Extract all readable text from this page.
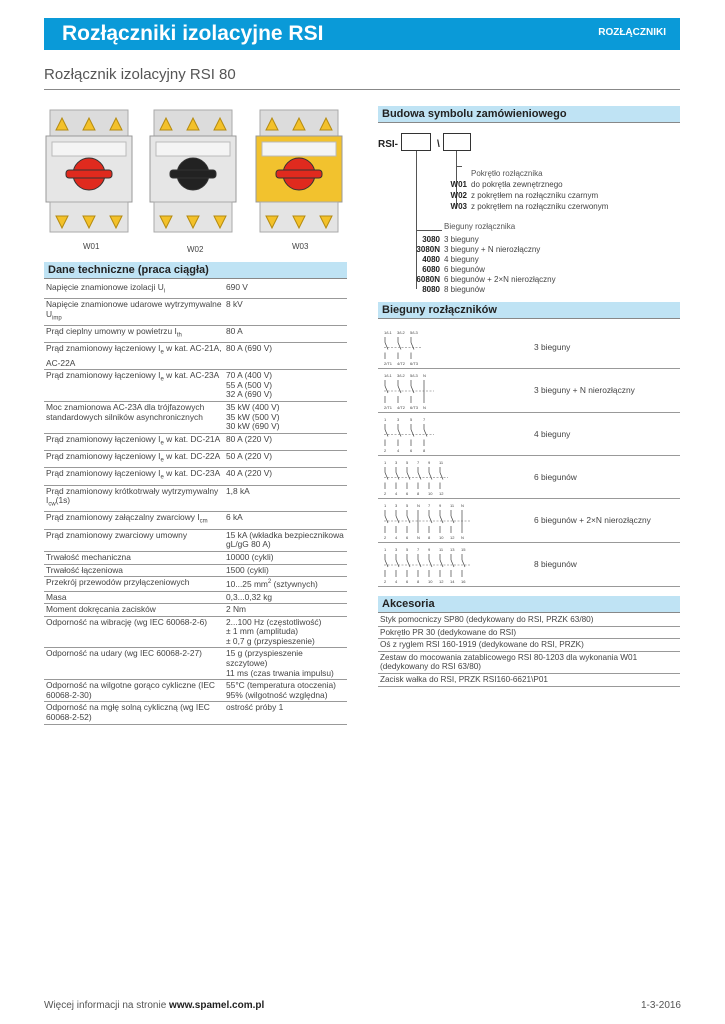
Rozłączniki izolacyjne RSI	ROZŁĄCZNIKI
Rozłącznik izolacyjny RSI 80
W01	W02	W03
Dane techniczne (praca ciągła)
Napięcie znamionowe izolacji $U_i$	690 V
Napięcie znamionowe udarowe wytrzymywalne $U_{imp}$	8 kV
Prąd cieplny umowny w powietrzu $I_{th}$	80 A
Prąd znamionowy łączeniowy $I_e$ w kat. AC-21A, AC-22A	80 A (690 V)
Prąd znamionowy łączeniowy $I_e$ w kat. AC-23A	70 A (400 V)
55 A (500 V)
32 A (690 V)
Moc znamionowa AC-23A dla trójfazowych standardowych silników asynchronicznych	35 kW (400 V)
35 kW (500 V)
30 kW (690 V)
Prąd znamionowy łączeniowy $I_e$ w kat. DC-21A	80 A (220 V)
Prąd znamionowy łączeniowy $I_e$ w kat. DC-22A	50 A (220 V)
Prąd znamionowy łączeniowy $I_e$ w kat. DC-23A	40 A (220 V)
Prąd znamionowy krótkotrwały wytrzymywalny $I_{cw}(1s)$	1,8 kA
Prąd znamionowy załączalny zwarciowy $I_{cm}$	6 kA
Prąd znamionowy zwarciowy umowny	15 kA (wkładka bezpiecznikowa gL/gG 80 A)
Trwałość mechaniczna	10000 (cykli)
Trwałość łączeniowa	1500 (cykli)
Przekrój przewodów przyłączeniowych	10...25 $mm^2$ (sztywnych)
Masa	0,3...0,32 kg
Moment dokręcania zacisków	2 Nm
Odporność na wibrację (wg IEC 60068-2-6)	2...100 Hz (częstotliwość)
± 1 mm (amplituda)
± 0,7 g (przyspieszenie)
Odporność na udary (wg IEC 60068-2-27)	15 g (przyspieszenie szczytowe)
11 ms (czas trwania impulsu)
Odporność na wilgotne gorąco cykliczne (IEC 60068-2-30)	55°C (temperatura otoczenia)
95% (wilgotność względna)
Odporność na mgłę solną cykliczną (wg IEC 60068-2-52)	ostrość próby 1
Budowa symbolu zamówieniowego
RSI-	\
Pokrętło rozłącznika
W01 do pokrętła zewnętrznego
W02 z pokrętłem na rozłączniku czarnym
W03 z pokrętłem na rozłączniku czerwonym
Bieguny rozłącznika
3080 3 bieguny
3080N 3 bieguny + N nierozłączny
4080 4 bieguny
6080 6 biegunów
6080N 6 biegunów + 2×N nierozłączny
8080 8 biegunów
Bieguny rozłączników
3 bieguny
1/L1
2/T1
3/L2
4/T2
5/L3
6/T3
3 bieguny + N nierozłączny
1/L1
2/T1
3/L2
4/T2
5/L3
6/T3
N
N
4 bieguny
1
2
3
4
5
6
7
8
6 biegunów
1
2
3
4
5
6
7
8
9
10
11
12
6 biegunów + 2×N nierozłączny
1
2
3
4
5
6
N
N
7
8
9
10
11
12
N
N
8 biegunów
1
2
3
4
5
6
7
8
9
10
11
12
13
14
15
16
Akcesoria
Styk pomocniczy SP80 (dedykowany do RSI, PRZK 63/80)
Pokrętło PR 30 (dedykowane do RSI)
Oś z ryglem RSI 160-1919 (dedykowane do RSI, PRZK)
Zestaw do mocowania zatablicowego RSI 80-1203 dla wykonania W01 (dedykowany do RSI 63/80)
Zacisk wałka do RSI, PRZK RSI160-6621\P01
Więcej informacji na stronie www.spamel.com.pl	1-3-2016
